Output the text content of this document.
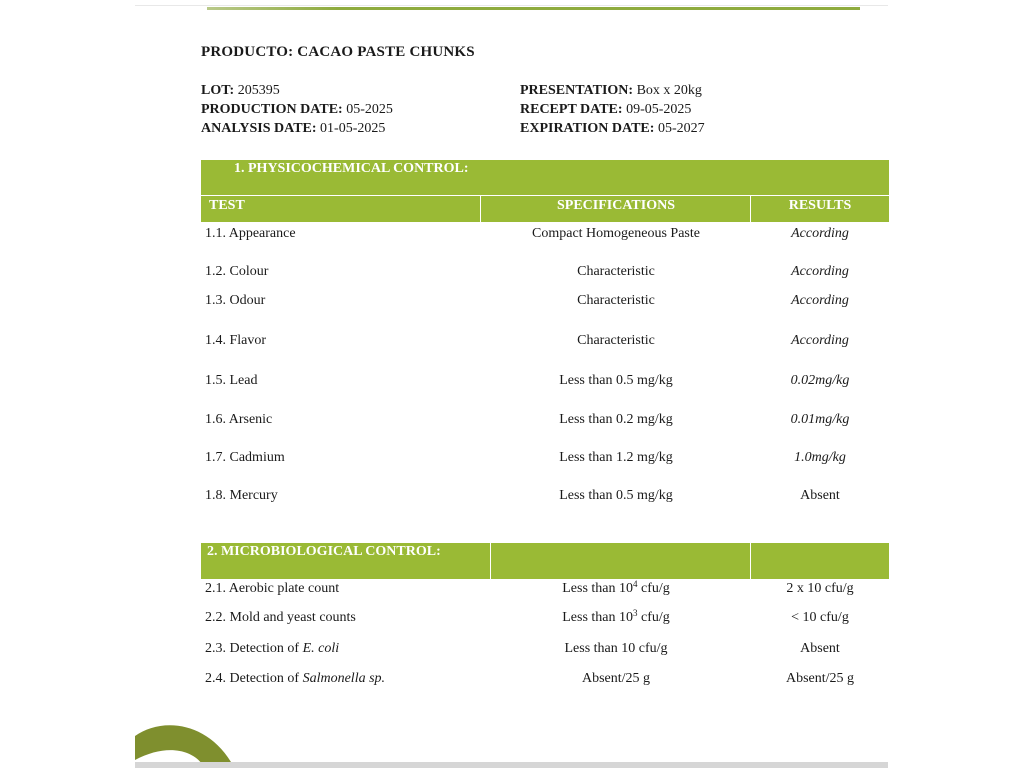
PRODUCTO: CACAO PASTE CHUNKS
LOT: 205395
PRODUCTION DATE: 05-2025
ANALYSIS DATE: 01-05-2025
PRESENTATION: Box x 20kg
RECEPT DATE: 09-05-2025
EXPIRATION DATE: 05-2027
1. PHYSICOCHEMICAL CONTROL:
TEST	SPECIFICATIONS	RESULTS
1.1. Appearance	Compact Homogeneous Paste	According
1.2. Colour	Characteristic	According
1.3. Odour	Characteristic	According
1.4. Flavor	Characteristic	According
1.5. Lead	Less than 0.5 mg/kg	0.02mg/kg
1.6. Arsenic	Less than 0.2 mg/kg	0.01mg/kg
1.7. Cadmium	Less than 1.2 mg/kg	1.0mg/kg
1.8. Mercury	Less than 0.5 mg/kg	Absent
2. MICROBIOLOGICAL CONTROL:
2.1. Aerobic plate count	Less than $10^4$ cfu/g	2 x 10 cfu/g
2.2. Mold and yeast counts	Less than $10^3$ cfu/g	< 10 cfu/g
2.3. Detection of E. coli	Less than 10 cfu/g	Absent
2.4. Detection of Salmonella sp.	Absent/25 g	Absent/25 g
